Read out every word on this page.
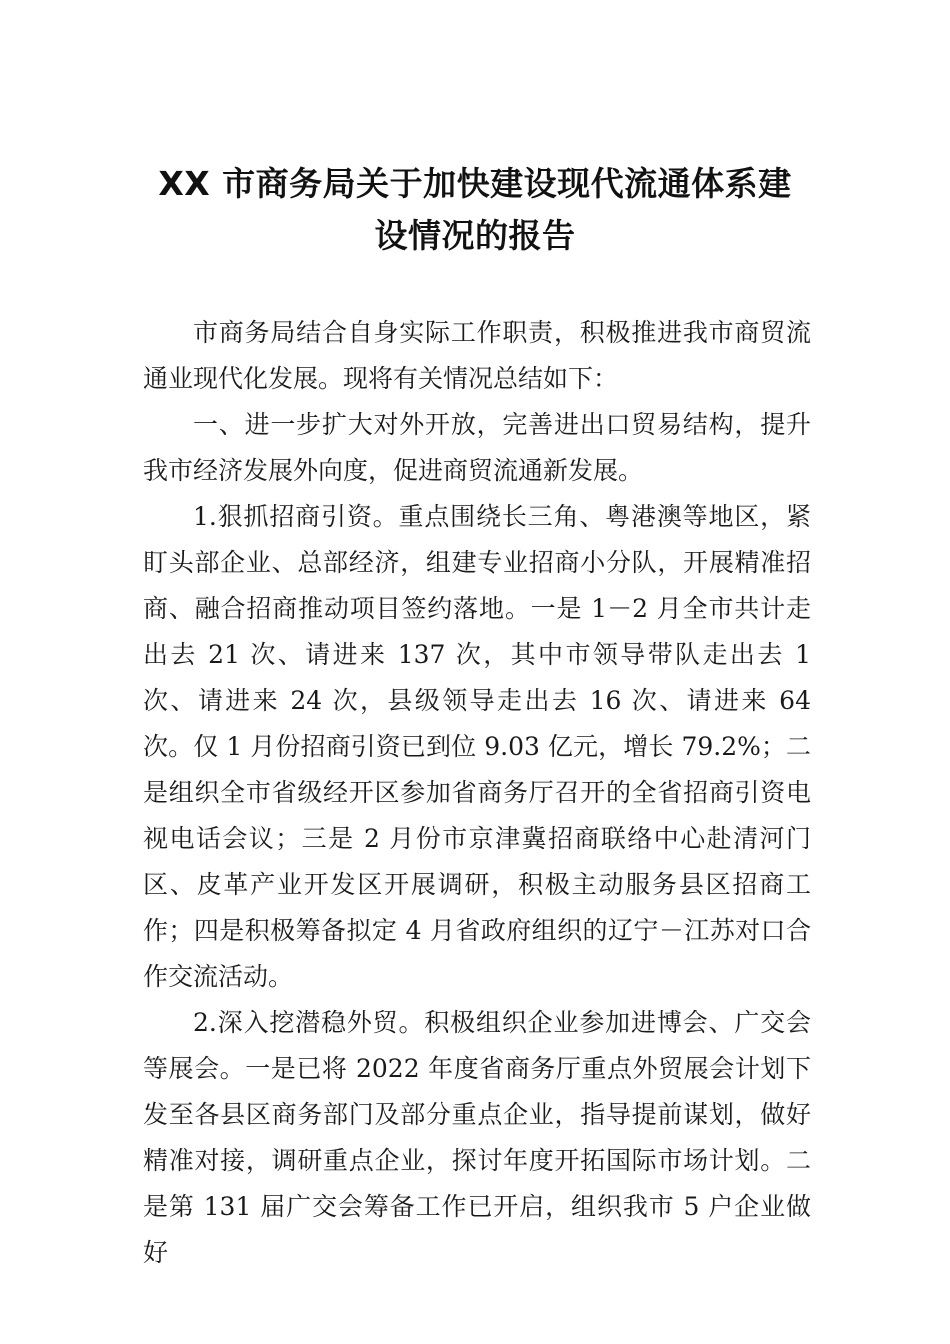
XX 市商务局关于加快建设现代流通体系建
设情况的报告

市商务局结合自身实际工作职责，积极推进我市商贸流通业现代化发展。现将有关情况总结如下：

一、进一步扩大对外开放，完善进出口贸易结构，提升我市经济发展外向度，促进商贸流通新发展。

1.狠抓招商引资。重点围绕长三角、粤港澳等地区，紧盯头部企业、总部经济，组建专业招商小分队，开展精准招商、融合招商推动项目签约落地。一是 1－2 月全市共计走出去 21 次、请进来 137 次，其中市领导带队走出去 1 次、请进来 24 次，县级领导走出去 16 次、请进来 64 次。仅 1 月份招商引资已到位 9.03 亿元，增长 79.2%；二是组织全市省级经开区参加省商务厅召开的全省招商引资电视电话会议；三是 2 月份市京津冀招商联络中心赴清河门区、皮革产业开发区开展调研，积极主动服务县区招商工作；四是积极筹备拟定 4 月省政府组织的辽宁－江苏对口合作交流活动。

2.深入挖潜稳外贸。积极组织企业参加进博会、广交会等展会。一是已将 2022 年度省商务厅重点外贸展会计划下发至各县区商务部门及部分重点企业，指导提前谋划，做好精准对接，调研重点企业，探讨年度开拓国际市场计划。二是第 131 届广交会筹备工作已开启，组织我市 5 户企业做好
